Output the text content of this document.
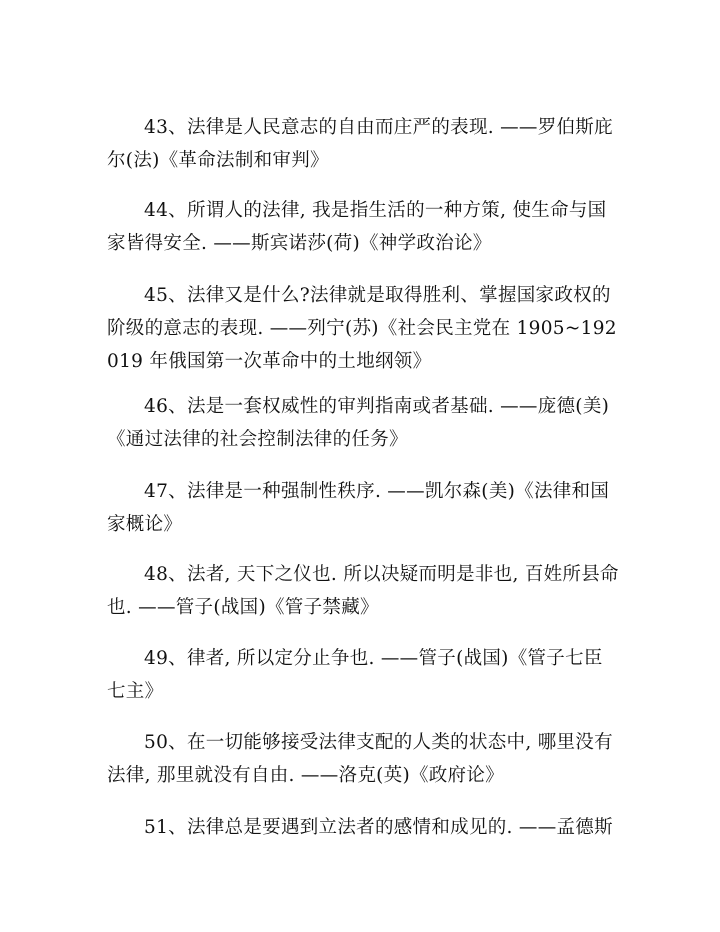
43、法律是人民意志的自由而庄严的表现. ——罗伯斯庇尔(法)《革命法制和审判》

44、所谓人的法律, 我是指生活的一种方策, 使生命与国家皆得安全. ——斯宾诺莎(荷)《神学政治论》

45、法律又是什么?法律就是取得胜利、掌握国家政权的阶级的意志的表现. ——列宁(苏)《社会民主党在 1905~192019 年俄国第一次革命中的土地纲领》

46、法是一套权威性的审判指南或者基础. ——庞德(美)《通过法律的社会控制法律的任务》

47、法律是一种强制性秩序. ——凯尔森(美)《法律和国家概论》

48、法者, 天下之仪也. 所以决疑而明是非也, 百姓所县命也. ——管子(战国)《管子禁藏》

49、律者, 所以定分止争也. ——管子(战国)《管子七臣七主》

50、在一切能够接受法律支配的人类的状态中, 哪里没有法律, 那里就没有自由. ——洛克(英)《政府论》

51、法律总是要遇到立法者的感情和成见的. ——孟德斯
